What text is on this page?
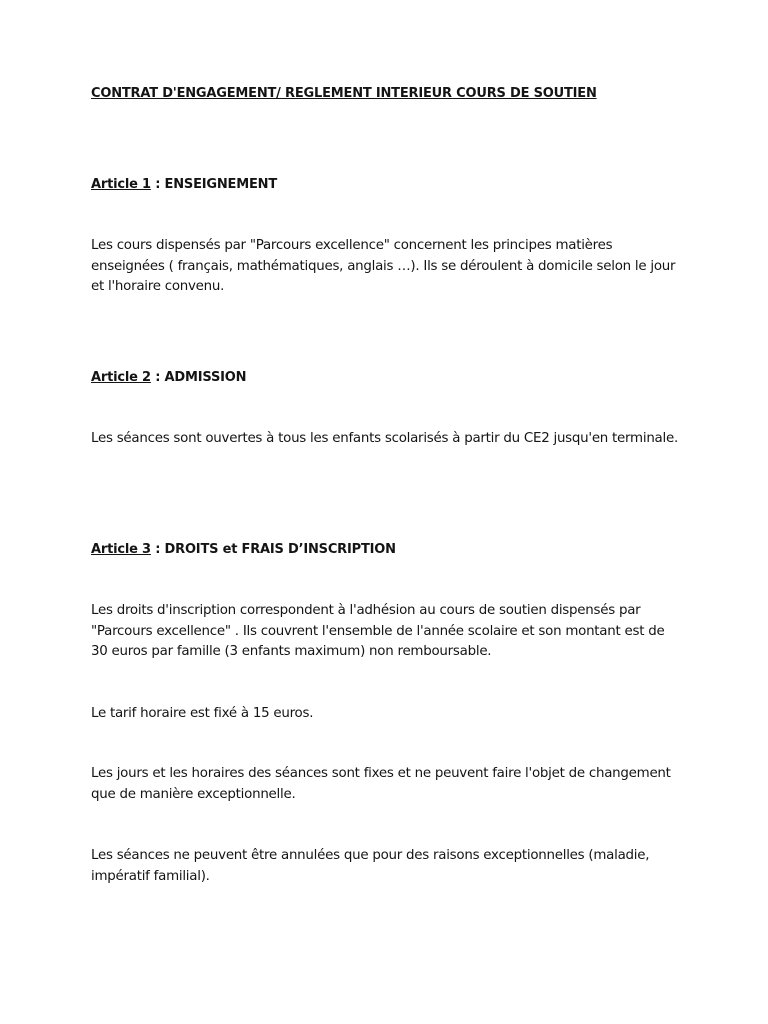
CONTRAT D'ENGAGEMENT/ REGLEMENT INTERIEUR COURS DE SOUTIEN
Article 1 : ENSEIGNEMENT

Les cours dispensés par "Parcours excellence" concernent les principes matières enseignées ( français, mathématiques, anglais …). Ils se déroulent à domicile selon le jour et l'horaire convenu.

Article 2 : ADMISSION

Les séances sont ouvertes à tous les enfants scolarisés à partir du CE2 jusqu'en terminale.

Article 3 : DROITS et FRAIS D’INSCRIPTION

Les droits d'inscription correspondent à l'adhésion au cours de soutien dispensés par "Parcours excellence" . Ils couvrent l'ensemble de l'année scolaire et son montant est de 30 euros par famille (3 enfants maximum) non remboursable.

Le tarif horaire est fixé à 15 euros.

Les jours et les horaires des séances sont fixes et ne peuvent faire l'objet de changement que de manière exceptionnelle.

Les séances ne peuvent être annulées que pour des raisons exceptionnelles (maladie, impératif familial).
